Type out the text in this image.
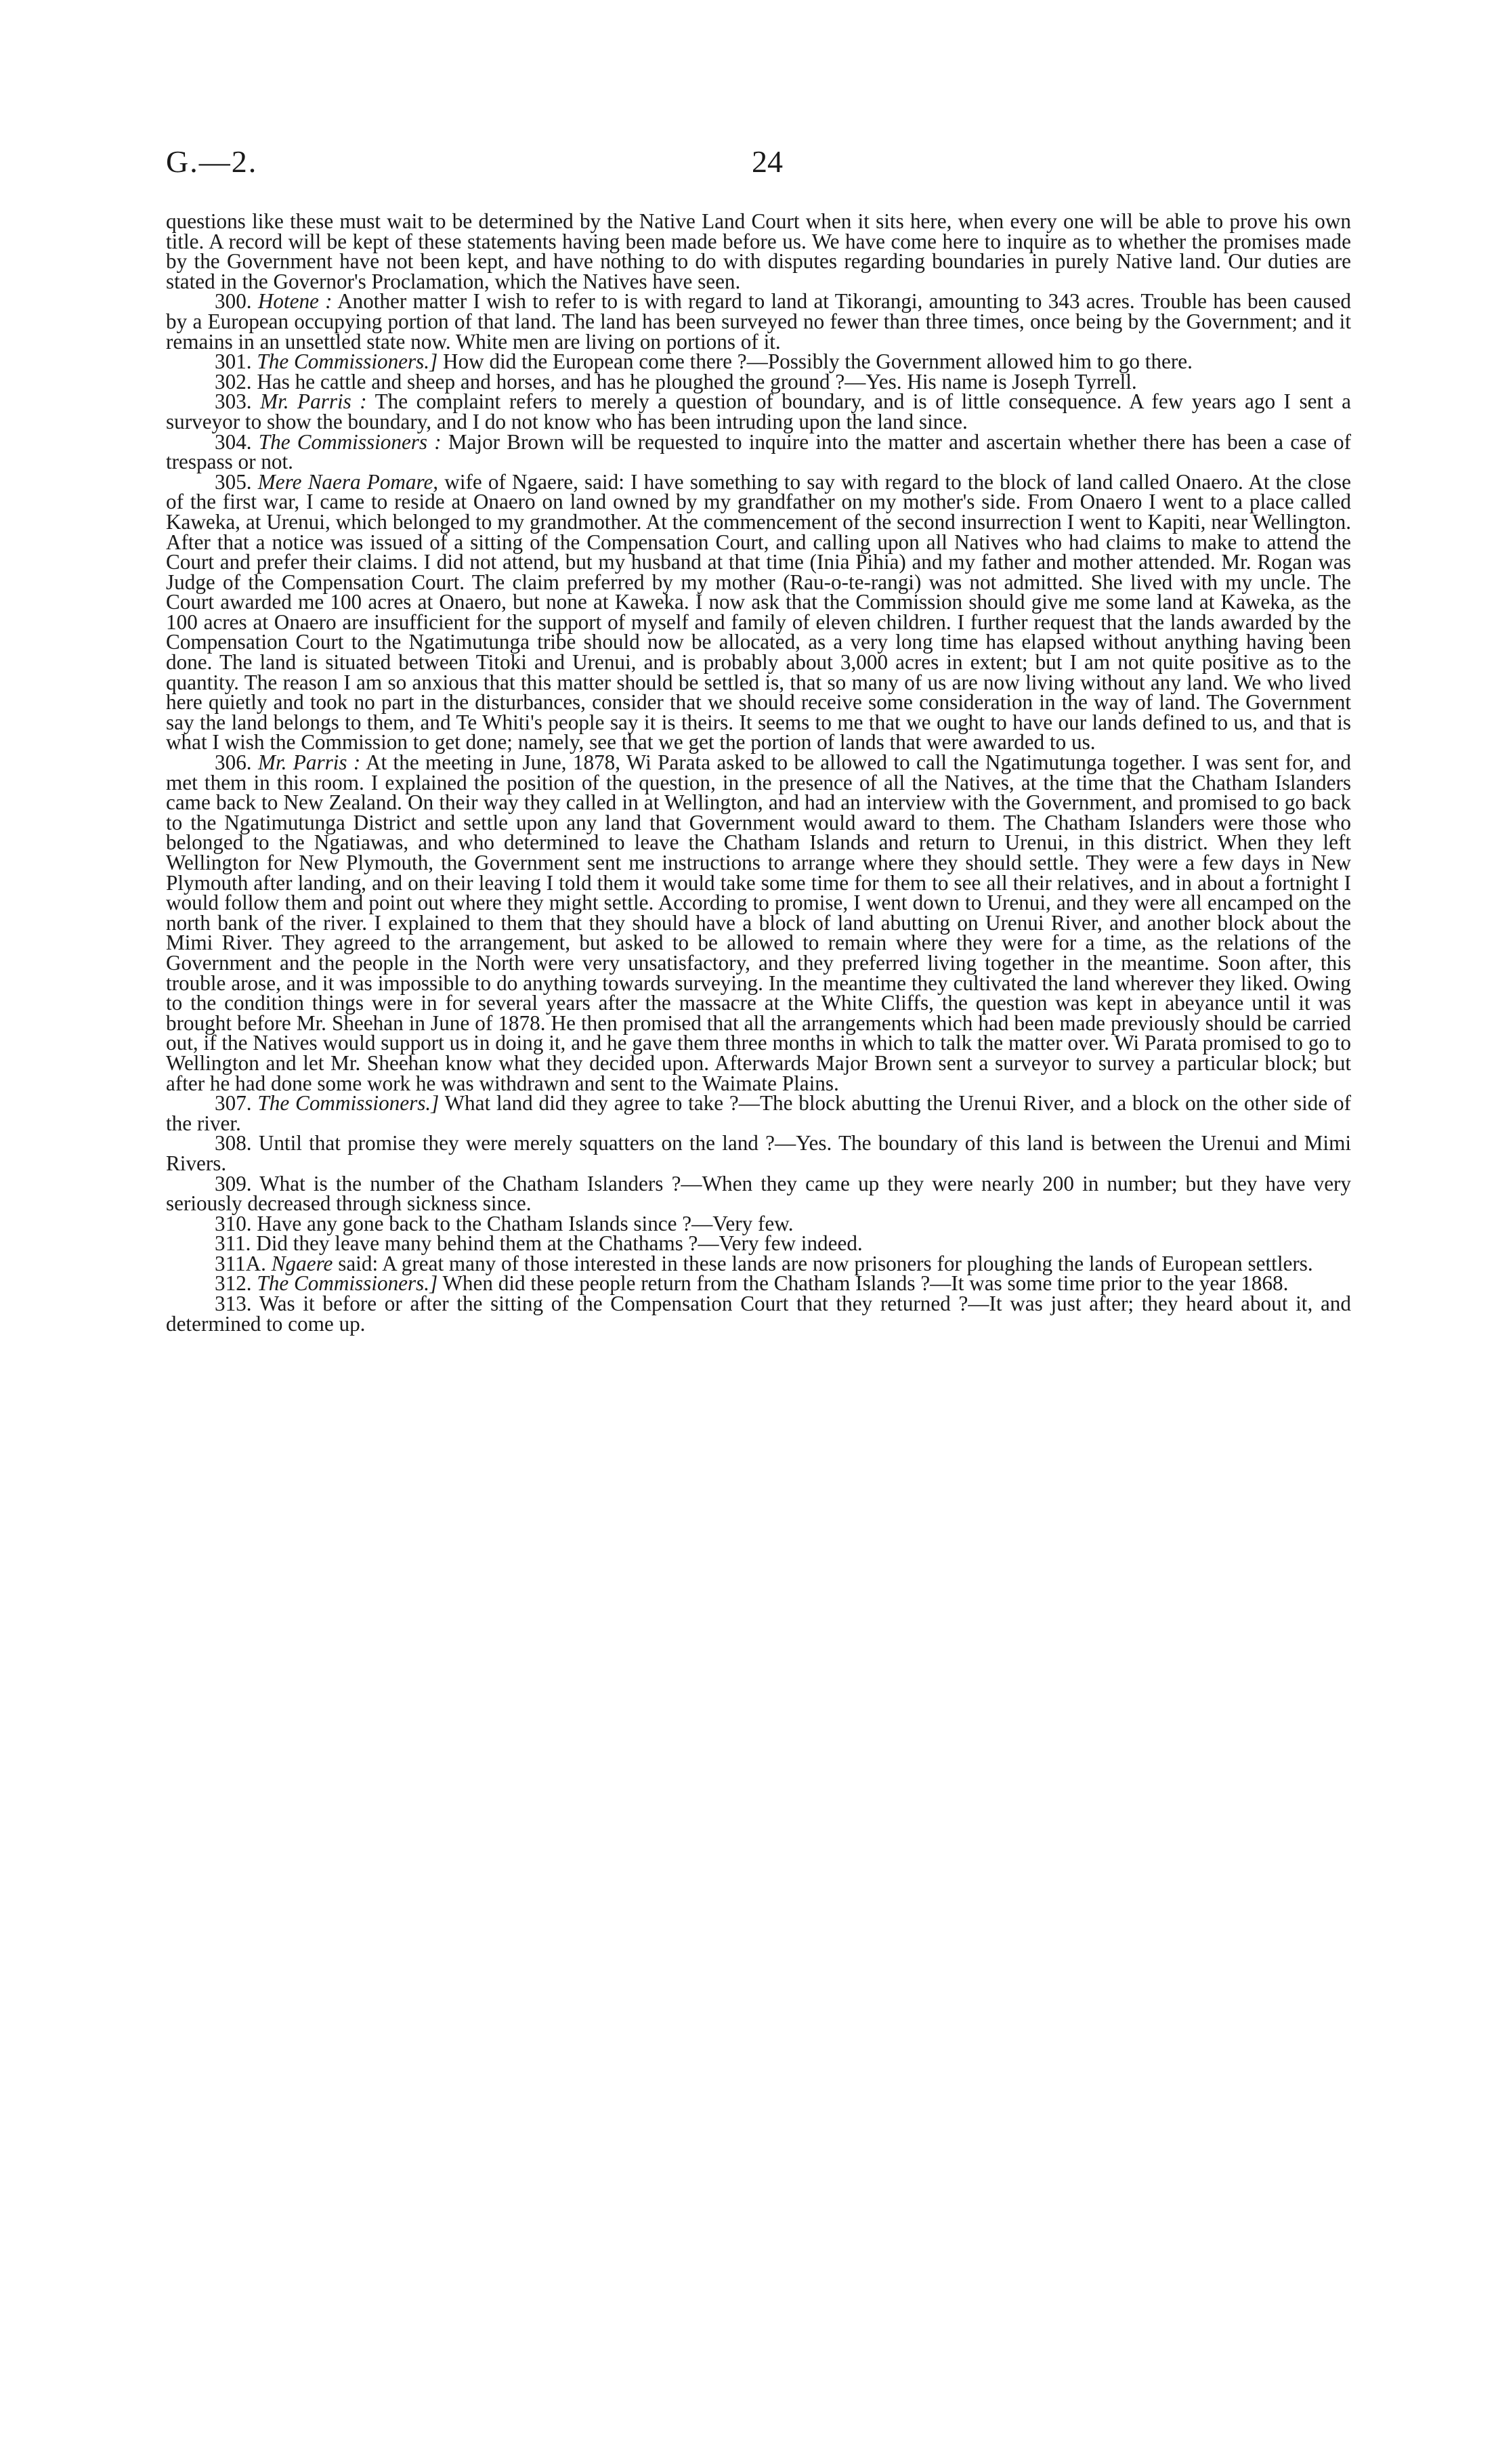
G.—2.	24

questions like these must wait to be determined by the Native Land Court when it sits here, when every one will be able to prove his own title. A record will be kept of these statements having been made before us. We have come here to inquire as to whether the promises made by the Government have not been kept, and have nothing to do with disputes regarding boundaries in purely Native land. Our duties are stated in the Governor's Proclamation, which the Natives have seen.

300. Hotene : Another matter I wish to refer to is with regard to land at Tikorangi, amounting to 343 acres. Trouble has been caused by a European occupying portion of that land. The land has been surveyed no fewer than three times, once being by the Government; and it remains in an unsettled state now. White men are living on portions of it.

301. The Commissioners.] How did the European come there ?—Possibly the Government allowed him to go there.

302. Has he cattle and sheep and horses, and has he ploughed the ground ?—Yes. His name is Joseph Tyrrell.

303. Mr. Parris : The complaint refers to merely a question of boundary, and is of little consequence. A few years ago I sent a surveyor to show the boundary, and I do not know who has been intruding upon the land since.

304. The Commissioners : Major Brown will be requested to inquire into the matter and ascertain whether there has been a case of trespass or not.

305. Mere Naera Pomare, wife of Ngaere, said: I have something to say with regard to the block of land called Onaero. At the close of the first war, I came to reside at Onaero on land owned by my grandfather on my mother's side. From Onaero I went to a place called Kaweka, at Urenui, which belonged to my grandmother. At the commencement of the second insurrection I went to Kapiti, near Wellington. After that a notice was issued of a sitting of the Compensation Court, and calling upon all Natives who had claims to make to attend the Court and prefer their claims. I did not attend, but my husband at that time (Inia Pihia) and my father and mother attended. Mr. Rogan was Judge of the Compensation Court. The claim preferred by my mother (Rau-o-te-rangi) was not admitted. She lived with my uncle. The Court awarded me 100 acres at Onaero, but none at Kaweka. I now ask that the Commission should give me some land at Kaweka, as the 100 acres at Onaero are insufficient for the support of myself and family of eleven children. I further request that the lands awarded by the Compensation Court to the Ngatimutunga tribe should now be allocated, as a very long time has elapsed without anything having been done. The land is situated between Titoki and Urenui, and is probably about 3,000 acres in extent; but I am not quite positive as to the quantity. The reason I am so anxious that this matter should be settled is, that so many of us are now living without any land. We who lived here quietly and took no part in the disturbances, consider that we should receive some consideration in the way of land. The Government say the land belongs to them, and Te Whiti's people say it is theirs. It seems to me that we ought to have our lands defined to us, and that is what I wish the Commission to get done; namely, see that we get the portion of lands that were awarded to us.

306. Mr. Parris : At the meeting in June, 1878, Wi Parata asked to be allowed to call the Ngatimutunga together. I was sent for, and met them in this room. I explained the position of the question, in the presence of all the Natives, at the time that the Chatham Islanders came back to New Zealand. On their way they called in at Wellington, and had an interview with the Government, and promised to go back to the Ngatimutunga District and settle upon any land that Government would award to them. The Chatham Islanders were those who belonged to the Ngatiawas, and who determined to leave the Chatham Islands and return to Urenui, in this district. When they left Wellington for New Plymouth, the Government sent me instructions to arrange where they should settle. They were a few days in New Plymouth after landing, and on their leaving I told them it would take some time for them to see all their relatives, and in about a fortnight I would follow them and point out where they might settle. According to promise, I went down to Urenui, and they were all encamped on the north bank of the river. I explained to them that they should have a block of land abutting on Urenui River, and another block about the Mimi River. They agreed to the arrangement, but asked to be allowed to remain where they were for a time, as the relations of the Government and the people in the North were very unsatisfactory, and they preferred living together in the meantime. Soon after, this trouble arose, and it was impossible to do anything towards surveying. In the meantime they cultivated the land wherever they liked. Owing to the condition things were in for several years after the massacre at the White Cliffs, the question was kept in abeyance until it was brought before Mr. Sheehan in June of 1878. He then promised that all the arrangements which had been made previously should be carried out, if the Natives would support us in doing it, and he gave them three months in which to talk the matter over. Wi Parata promised to go to Wellington and let Mr. Sheehan know what they decided upon. Afterwards Major Brown sent a surveyor to survey a particular block; but after he had done some work he was withdrawn and sent to the Waimate Plains.

307. The Commissioners.] What land did they agree to take ?—The block abutting the Urenui River, and a block on the other side of the river.

308. Until that promise they were merely squatters on the land ?—Yes. The boundary of this land is between the Urenui and Mimi Rivers.

309. What is the number of the Chatham Islanders ?—When they came up they were nearly 200 in number; but they have very seriously decreased through sickness since.

310. Have any gone back to the Chatham Islands since ?—Very few.

311. Did they leave many behind them at the Chathams ?—Very few indeed.

311A. Ngaere said: A great many of those interested in these lands are now prisoners for ploughing the lands of European settlers.

312. The Commissioners.] When did these people return from the Chatham Islands ?—It was some time prior to the year 1868.

313. Was it before or after the sitting of the Compensation Court that they returned ?—It was just after; they heard about it, and determined to come up.
